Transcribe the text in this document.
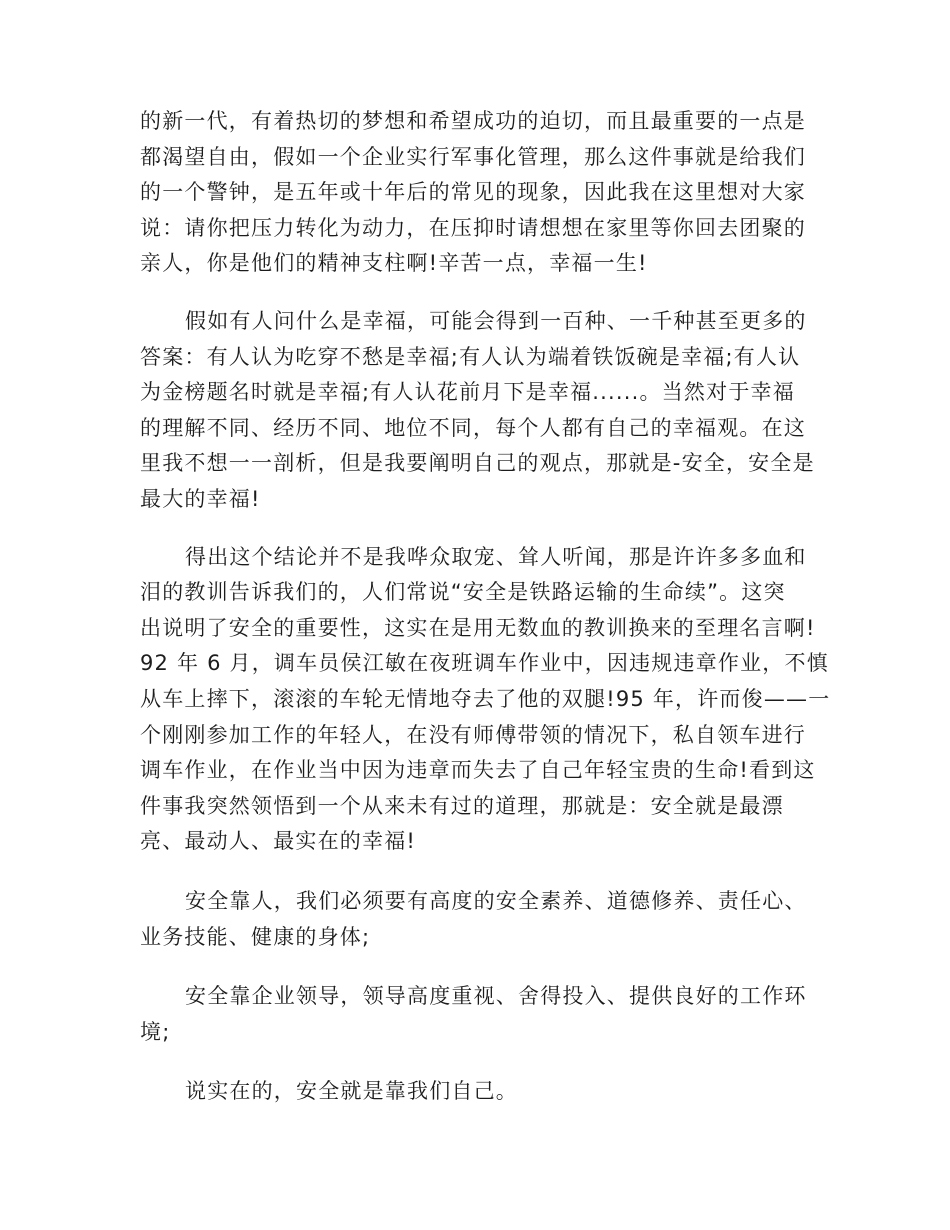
的新一代，有着热切的梦想和希望成功的迫切，而且最重要的一点是
都渴望自由，假如一个企业实行军事化管理，那么这件事就是给我们
的一个警钟，是五年或十年后的常见的现象，因此我在这里想对大家
说：请你把压力转化为动力，在压抑时请想想在家里等你回去团聚的
亲人，你是他们的精神支柱啊!辛苦一点，幸福一生!

假如有人问什么是幸福，可能会得到一百种、一千种甚至更多的
答案：有人认为吃穿不愁是幸福;有人认为端着铁饭碗是幸福;有人认
为金榜题名时就是幸福;有人认花前月下是幸福......。当然对于幸福
的理解不同、经历不同、地位不同，每个人都有自己的幸福观。在这
里我不想一一剖析，但是我要阐明自己的观点，那就是-安全，安全是
最大的幸福!

得出这个结论并不是我哗众取宠、耸人听闻，那是许许多多血和
泪的教训告诉我们的，人们常说“安全是铁路运输的生命续”。这突
出说明了安全的重要性，这实在是用无数血的教训换来的至理名言啊!
92 年 6 月，调车员侯江敏在夜班调车作业中，因违规违章作业，不慎
从车上摔下，滚滚的车轮无情地夺去了他的双腿!95 年，许而俊——一
个刚刚参加工作的年轻人，在没有师傅带领的情况下，私自领车进行
调车作业，在作业当中因为违章而失去了自己年轻宝贵的生命!看到这
件事我突然领悟到一个从来未有过的道理，那就是：安全就是最漂
亮、最动人、最实在的幸福!

安全靠人，我们必须要有高度的安全素养、道德修养、责任心、
业务技能、健康的身体;

安全靠企业领导，领导高度重视、舍得投入、提供良好的工作环
境;

说实在的，安全就是靠我们自己。
